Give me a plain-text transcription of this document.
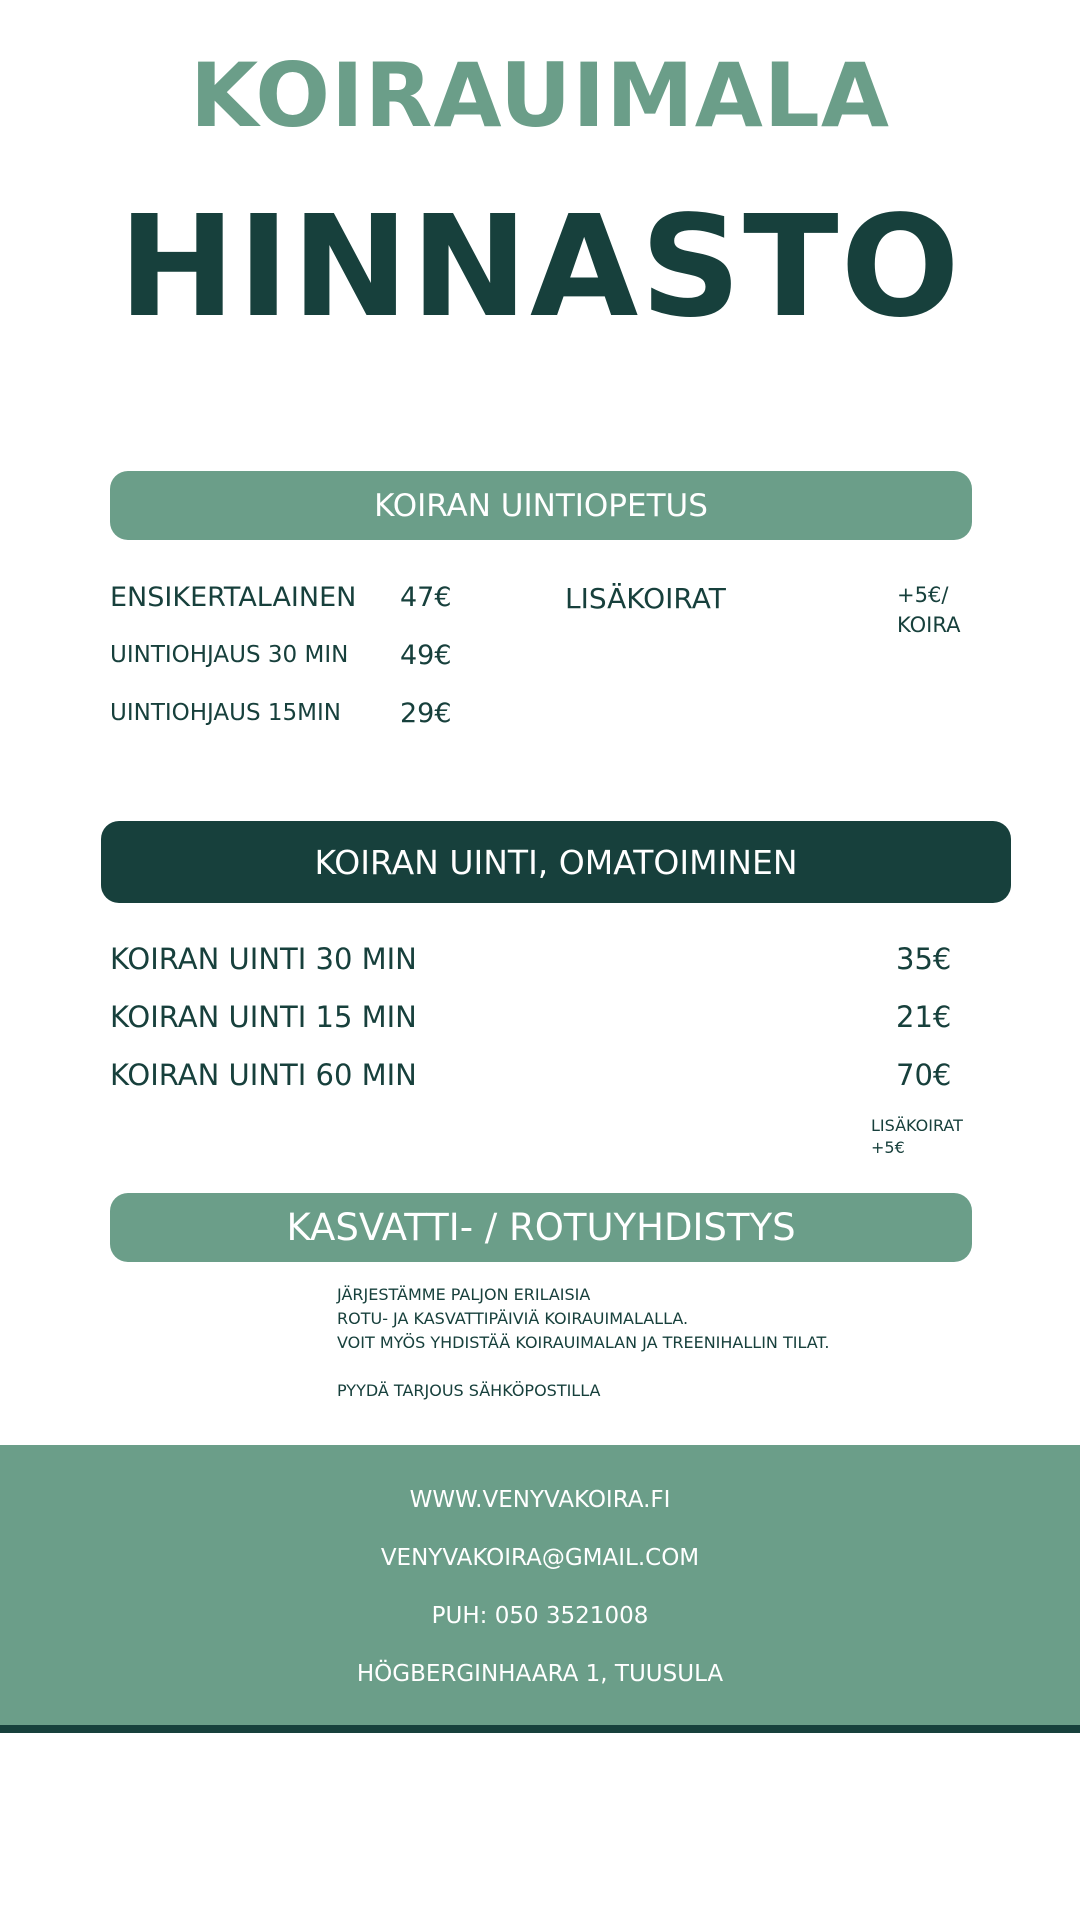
KOIRAUIMALA
HINNASTO
KOIRAN UINTIOPETUS
ENSIKERTALAINEN 47€
UINTIOHJAUS 30 MIN 49€
UINTIOHJAUS 15MIN 29€
LISÄKOIRAT	+5€/
KOIRA
KOIRAN UINTI, OMATOIMINEN
KOIRAN UINTI 30 MIN	35€
KOIRAN UINTI 15 MIN	21€
KOIRAN UINTI 60 MIN	70€
LISÄKOIRAT
+5€
KASVATTI- / ROTUYHDISTYS
JÄRJESTÄMME PALJON ERILAISIA
ROTU- JA KASVATTIPÄIVIÄ KOIRAUIMALALLA.
VOIT MYÖS YHDISTÄÄ KOIRAUIMALAN JA TREENIHALLIN TILAT.
PYYDÄ TARJOUS SÄHKÖPOSTILLA
WWW.VENYVAKOIRA.FI
VENYVAKOIRA@GMAIL.COM
PUH: 050 3521008
HÖGBERGINHAARA 1, TUUSULA
